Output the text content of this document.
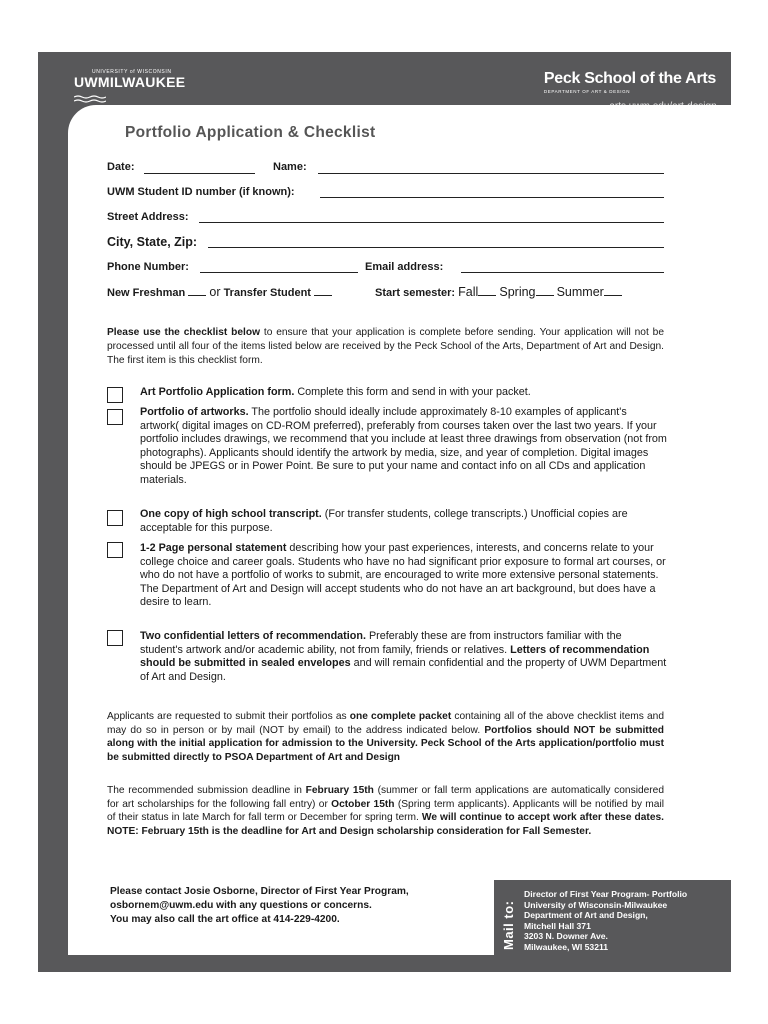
UNIVERSITY of WISCONSIN
UWMILWAUKEE	Peck School of the Arts
DEPARTMENT OF ART & DESIGN
Portfolio Application & Checklist
Date:	Name:
UWM Student ID number (if known):
Street Address:
City, State, Zip:
Phone Number:	Email address:
New Freshman or Transfer Student	Start semester: Fall Spring Summer
Please use the checklist below to ensure that your application is complete before sending. Your application will not be processed until all four of the items listed below are received by the Peck School of the Arts, Department of Art and Design. The first item is this checklist form.
Art Portfolio Application form. Complete this form and send in with your packet.
Portfolio of artworks. The portfolio should ideally include approximately 8-10 examples of applicant's artwork( digital images on CD-ROM preferred), preferably from courses taken over the last two years. If your portfolio includes drawings, we recommend that you include at least three drawings from observation (not from photographs). Applicants should identify the artwork by media, size, and year of completion. Digital images should be JPEGS or in Power Point. Be sure to put your name and contact info on all CDs and application materials.
One copy of high school transcript. (For transfer students, college transcripts.) Unofficial copies are acceptable for this purpose.
1-2 Page personal statement describing how your past experiences, interests, and concerns relate to your college choice and career goals. Students who have no had significant prior exposure to formal art courses, or who do not have a portfolio of works to submit, are encouraged to write more extensive personal statements. The Department of Art and Design will accept students who do not have an art background, but does have a desire to learn.
Two confidential letters of recommendation. Preferably these are from instructors familiar with the student's artwork and/or academic ability, not from family, friends or relatives. Letters of recommendation should be submitted in sealed envelopes and will remain confidential and the property of UWM Department of Art and Design.
Applicants are requested to submit their portfolios as one complete packet containing all of the above checklist items and may do so in person or by mail (NOT by email) to the address indicated below. Portfolios should NOT be submitted along with the initial application for admission to the University. Peck School of the Arts application/portfolio must be submitted directly to PSOA Department of Art and Design
The recommended submission deadline in February 15th (summer or fall term applications are automatically considered for art scholarships for the following fall entry) or October 15th (Spring term applicants). Applicants will be notified by mail of their status in late March for fall term or December for spring term. We will continue to accept work after these dates. NOTE: February 15th is the deadline for Art and Design scholarship consideration for Fall Semester.
Please contact Josie Osborne, Director of First Year Program,
osbornem@uwm.edu with any questions or concerns.
You may also call the art office at 414-229-4200.	Mail to:
Director of First Year Program- Portfolio
University of Wisconsin-Milwaukee
Department of Art and Design,
Mitchell Hall 371
3203 N. Downer Ave.
Milwaukee, WI 53211
